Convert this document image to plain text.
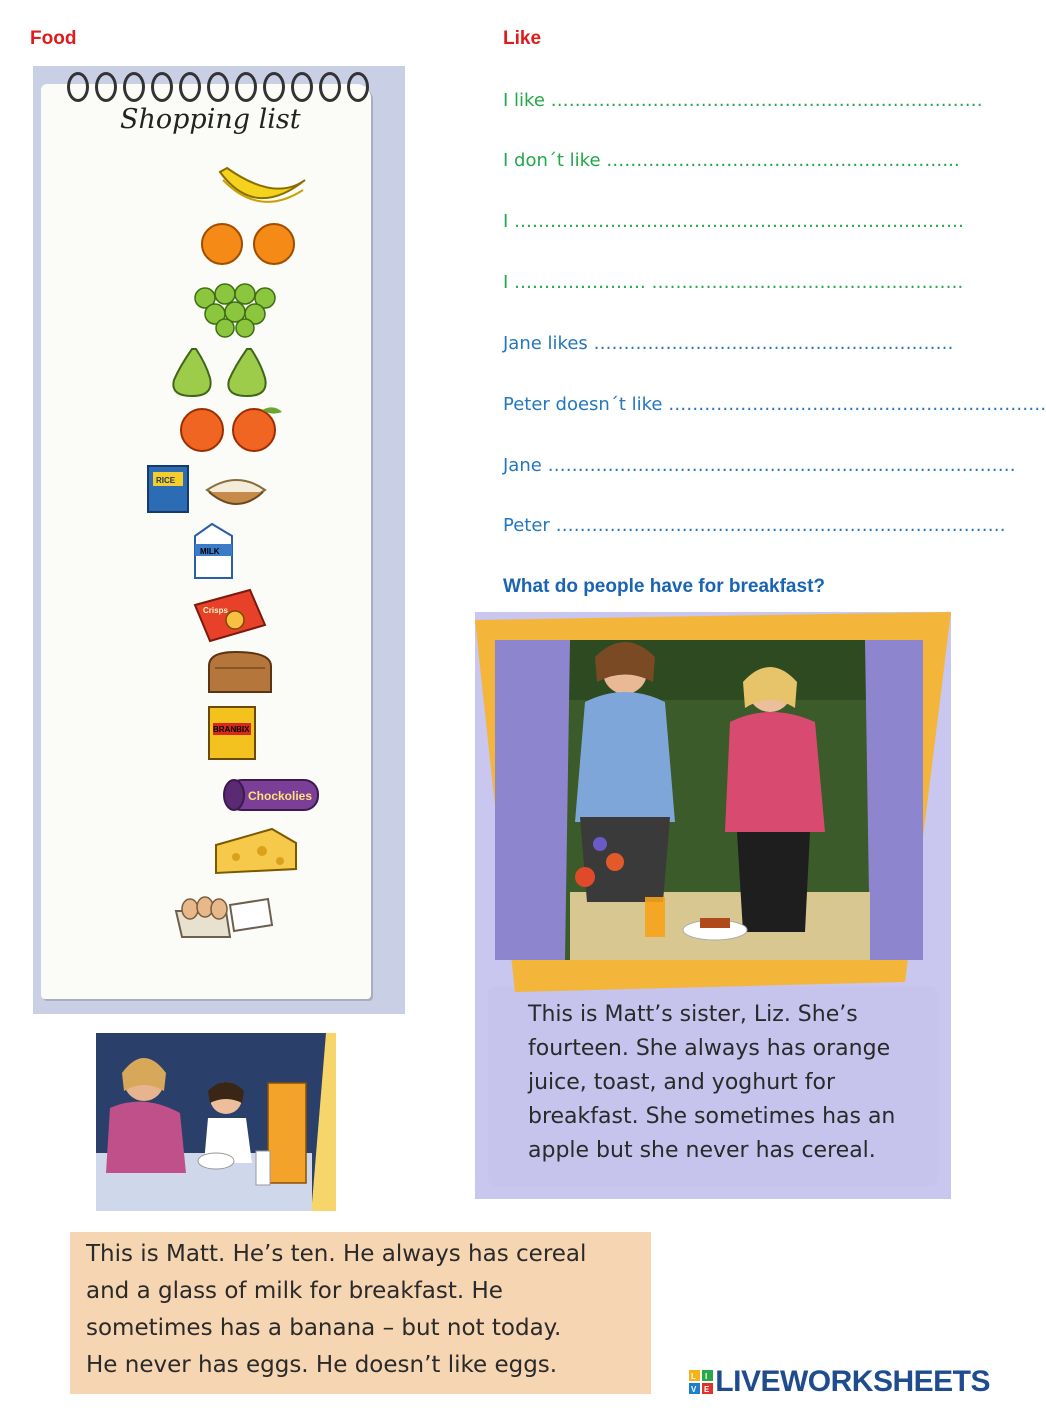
Food	Like
Shopping list
RICE
MILK
Crisps
BRANBIX
Chockolies
I like ………………………………………………………………
I don´t like …………………………………………………..
I …………………………………………………………………
I …………………. …………………………………………….
Jane likes ……………………………………………………
Peter doesn´t like ………………………………………………………
Jane ……………………………………………………………………
Peter …………………………………………………………………
What do people have for breakfast?
This is Matt’s sister, Liz. She’s
fourteen. She always has orange
juice, toast, and yoghurt for
breakfast. She sometimes has an
apple but she never has cereal.
This is Matt. He’s ten. He always has cereal
and a glass of milk for breakfast. He
sometimes has a banana – but not today.
He never has eggs. He doesn’t like eggs.	L I
V E LIVEWORKSHEETS
